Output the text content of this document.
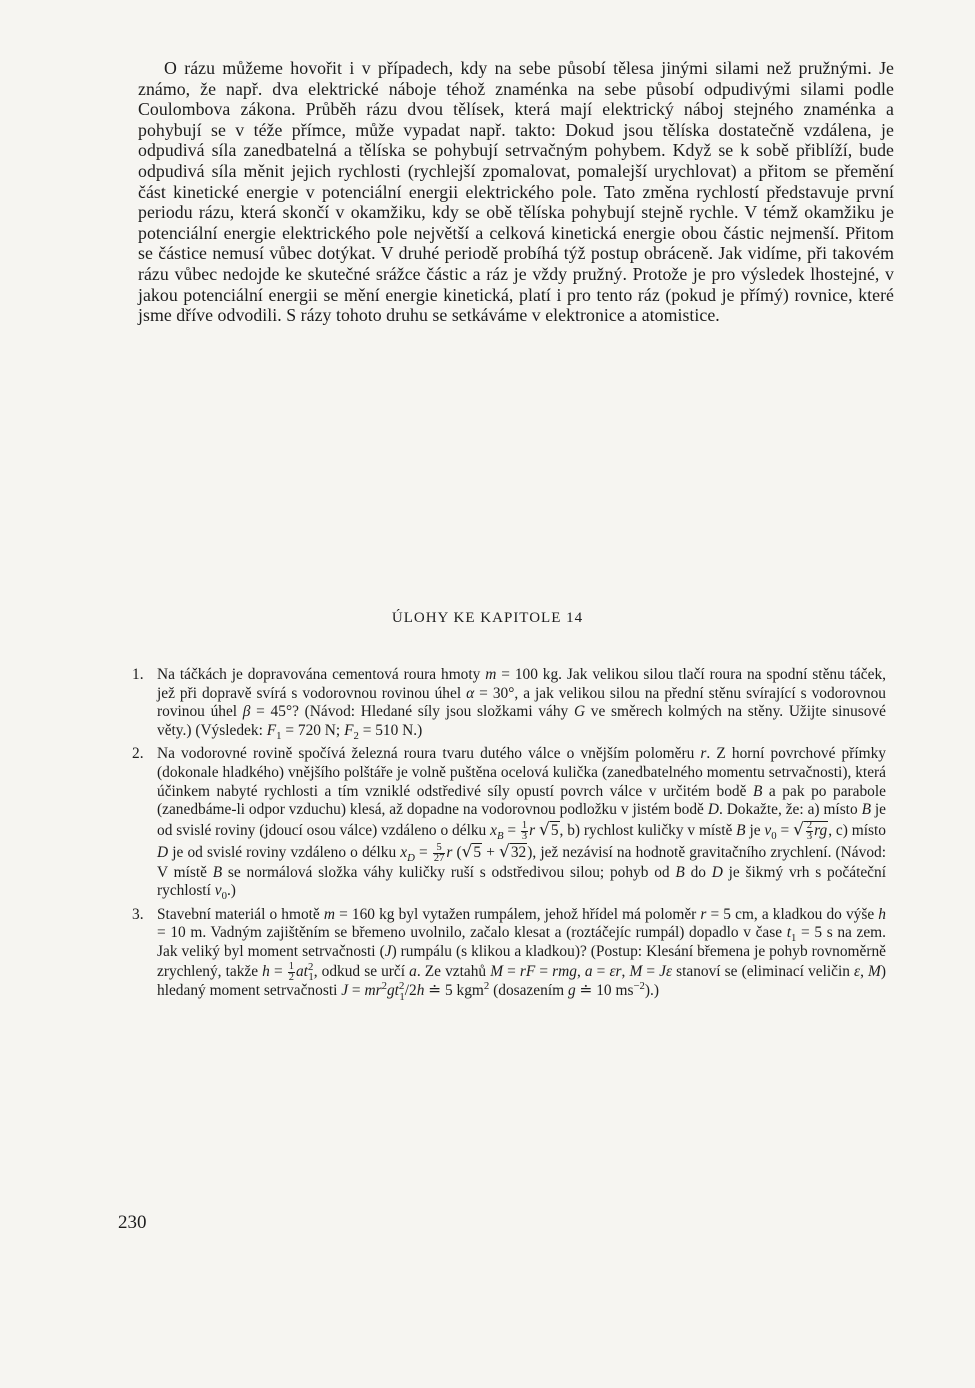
O rázu můžeme hovořit i v případech, kdy na sebe působí tělesa jinými silami než pružnými. Je známo, že např. dva elektrické náboje téhož znaménka na sebe působí odpudivými silami podle Coulombova zákona. Průběh rázu dvou tělísek, která mají elektrický náboj stejného znaménka a pohybují se v téže přímce, může vypadat např. takto: Dokud jsou tělíska dostatečně vzdálena, je odpudivá síla zanedbatelná a tělíska se pohybují setrvačným pohybem. Když se k sobě přiblíží, bude odpudivá síla měnit jejich rychlosti (rychlejší zpomalovat, pomalejší urychlovat) a přitom se přemění část kinetické energie v potenciální energii elektrického pole. Tato změna rychlostí představuje první periodu rázu, která skončí v okamžiku, kdy se obě tělíska pohybují stejně rychle. V témž okamžiku je potenciální energie elektrického pole největší a celková kinetická energie obou částic nejmenší. Přitom se částice nemusí vůbec dotýkat. V druhé periodě probíhá týž postup obráceně. Jak vidíme, při takovém rázu vůbec nedojde ke skutečné srážce částic a ráz je vždy pružný. Protože je pro výsledek lhostejné, v jakou potenciální energii se mění energie kinetická, platí i pro tento ráz (pokud je přímý) rovnice, které jsme dříve odvodili. S rázy tohoto druhu se setkáváme v elektronice a atomistice.

ÚLOHY KE KAPITOLE 14
1. Na táčkách je dopravována cementová roura hmoty m = 100 kg. Jak velikou silou tlačí roura na spodní stěnu táček, jež při dopravě svírá s vodorovnou rovinou úhel α = 30°, a jak velikou silou na přední stěnu svírající s vodorovnou rovinou úhel β = 45°? (Návod: Hledané síly jsou složkami váhy G ve směrech kolmých na stěny. Užijte sinusové věty.) (Výsledek: $F_1 = 720$ N; $F_2 = 510$ N.)
2. Na vodorovné rovině spočívá železná roura tvaru dutého válce o vnějším poloměru r. Z horní povrchové přímky (dokonale hladkého) vnějšího polštáře je volně puštěna ocelová kulička (zanedbatelného momentu setrvačnosti), která účinkem nabyté rychlosti a tím vzniklé odstředivé síly opustí povrch válce v určitém bodě B a pak po parabole (zanedbáme-li odpor vzduchu) klesá, až dopadne na vodorovnou podložku v jistém bodě D. Dokažte, že: a) místo B je od svislé roviny (jdoucí osou válce) vzdáleno o délku $x_B = \frac{1}{3}$ r √5, b) rychlost kuličky v místě B je $v_0$ = √ $\frac{2}{3}$ rg, c) místo D je od svislé roviny vzdáleno o délku $x_D = \frac{5}{27}$ r (√5 + √32), jež nezávisí na hodnotě gravitačního zrychlení. (Návod: V místě B se normálová složka váhy kuličky ruší s odstředivou silou; pohyb od B do D je šikmý vrh s počáteční rychlostí $v_0$.)
3. Stavební materiál o hmotě m = 160 kg byl vytažen rumpálem, jehož hřídel má poloměr r = 5 cm, a kladkou do výše h = 10 m. Vadným zajištěním se břemeno uvolnilo, začalo klesat a (roztáčejíc rumpál) dopadlo v čase $t_1 = 5$ s na zem. Jak veliký byl moment setrvačnosti (J) rumpálu (s klikou a kladkou)? (Postup: Klesání břemena je pohyb rovnoměrně zrychlený, takže $h = \frac{1}{2} at^2_1$, odkud se určí a. Ze vztahů M = rF = rmg, a = εr, M = Jε stanoví se (eliminací veličin ε, M) hledaný moment setrvačnosti $J = mr^2gt^2_1/2h$ ≐ 5 kgm$^2$ (dosazením g ≐ 10 $ms^{-2}$).)

230
